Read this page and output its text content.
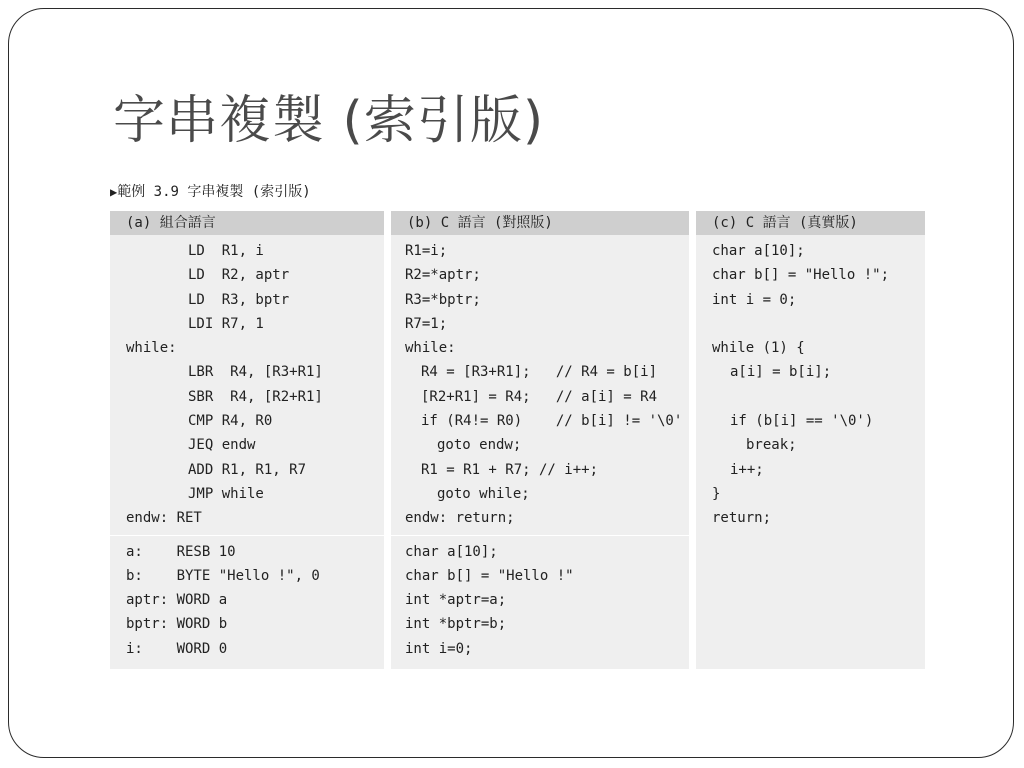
字串複製 (索引版)
▶範例 3.9 字串複製 (索引版)
(a) 組合語言
LD  R1, i
LD  R2, aptr
LD  R3, bptr
LDI R7, 1
while:
LBR  R4, [R3+R1]
SBR  R4, [R2+R1]
CMP R4, R0
JEQ endw
ADD R1, R1, R7
JMP while
endw: RET
a:    RESB 10
b:    BYTE "Hello !", 0
aptr: WORD a
bptr: WORD b
i:    WORD 0
(b) C 語言 (對照版)
R1=i;
R2=*aptr;
R3=*bptr;
R7=1;
while:
R4 = [R3+R1];   // R4 = b[i]
[R2+R1] = R4;   // a[i] = R4
if (R4!= R0)    // b[i] != '\0'
goto endw;
R1 = R1 + R7; // i++;
goto while;
endw: return;
char a[10];
char b[] = "Hello !"
int *aptr=a;
int *bptr=b;
int i=0;
(c) C 語言 (真實版)
char a[10];
char b[] = "Hello !";
int i = 0;
while (1) {
a[i] = b[i];
if (b[i] == '\0')
break;
i++;
}
return;
